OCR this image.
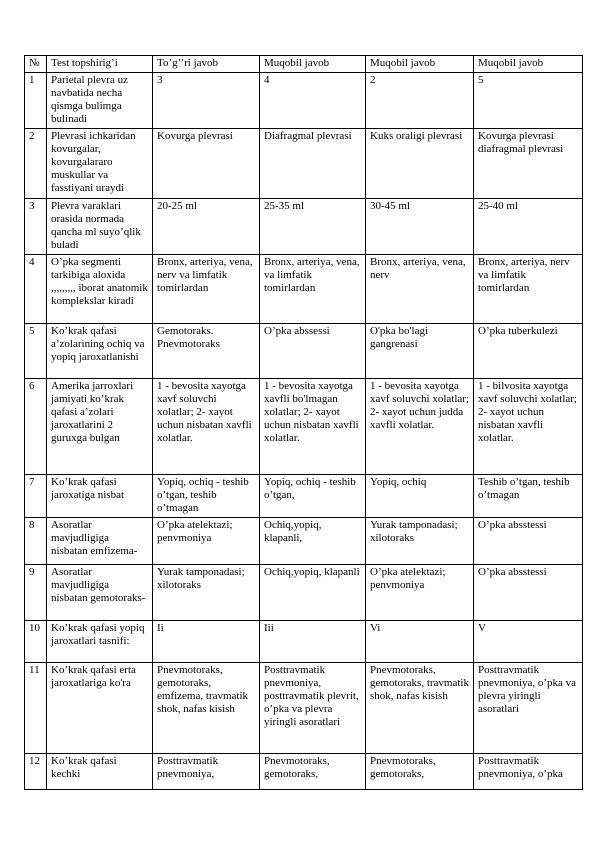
№	Test topshirig’i	To’g’’ri javob	Muqobil javob	Muqobil javob	Muqobil javob
1	Parietal plevra uz navbatida necha qismga bulimga bulinadi	3	4	2	5
2	Plevrasi ichkaridan kovurgalar, kovurgalararo muskullar va fasstiyani uraydi	Kovurga plevrasi	Diafragmal plevrasi	Kuks oraligi plevrasi	Kovurga plevrasi diafragmal plevrasi
3	Plevra varaklari orasida normada qancha ml suyo’qlik buladi	20-25 ml	25-35 ml	30-45 ml	25-40 ml
4	O’pka segmenti tarkibiga aloxida ,,,,,,,,, iborat anatomik komplekslar kiradi	Bronx, arteriya, vena, nerv va limfatik tomirlardan	Bronx, arteriya, vena, va limfatik tomirlardan	Bronx, arteriya, vena, nerv	Bronx, arteriya, nerv va limfatik tomirlardan
5	Ko’krak qafasi a’zolarining ochiq va yopiq jaroxatlanishi	Gemotoraks. Pnevmotoraks	O’pka abssessi	O'pka bo'lagi gangrenasi	O’pka tuberkulezi
6	Amerika jarroxlari jamiyati ko’krak qafasi a’zolari jaroxatlarini 2 guruxga bulgan	1 - bevosita xayotga xavf soluvchi xolatlar; 2- xayot uchun nisbatan xavfli xolatlar.	1 - bevosita xayotga xavfli bo'lmagan xolatlar; 2- xayot uchun nisbatan xavfli xolatlar.	1 - bevosita xayotga xavf soluvchi xolatlar; 2- xayot uchun judda xavfli xolatlar.	1 - bilvosita xayotga xavf soluvchi xolatlar; 2- xayot uchun nisbatan xavfli xolatlar.
7	Ko’krak qafasi jaroxatiga nisbat	Yopiq, ochiq - teshib o’tgan, teshib o’tmagan	Yopiq, ochiq - teshib o’tgan,	Yopiq, ochiq	Teshib o’tgan, teshib o’tmagan
8	Asoratlar mavjudligiga nisbatan emfizema-	O’pka atelektazi; penvmoniya	Ochiq,yopiq, klapanli,	Yurak tamponadasi; xilotoraks	O’pka absstessi
9	Asoratlar mavjudligiga nisbatan gemotoraks-	Yurak tamponadasi; xilotoraks	Ochiq,yopiq, klapanli	O’pka atelektazi; penvmoniya	O’pka absstessi
10	Ko’krak qafasi yopiq jaroxatlari tasnifi:	Ii	Iii	Vi	V
11	Ko’krak qafasi erta jaroxatlariga ko'ra	Pnevmotoraks, gemotoraks, emfizema, travmatik shok, nafas kisish	Posttravmatik pnevmoniya, posttravmatik plevrit, o’pka va plevra yiringli asoratlari	Pnevmotoraks, gemotoraks, travmatik shok, nafas kisish	Posttravmatik pnevmoniya, o’pka va plevra yiringli asoratlari
12	Ko’krak qafasi kechki	Posttravmatik pnevmoniya,	Pnevmotoraks, gemotoraks,	Pnevmotoraks, gemotoraks,	Posttravmatik pnevmoniya, o’pka
